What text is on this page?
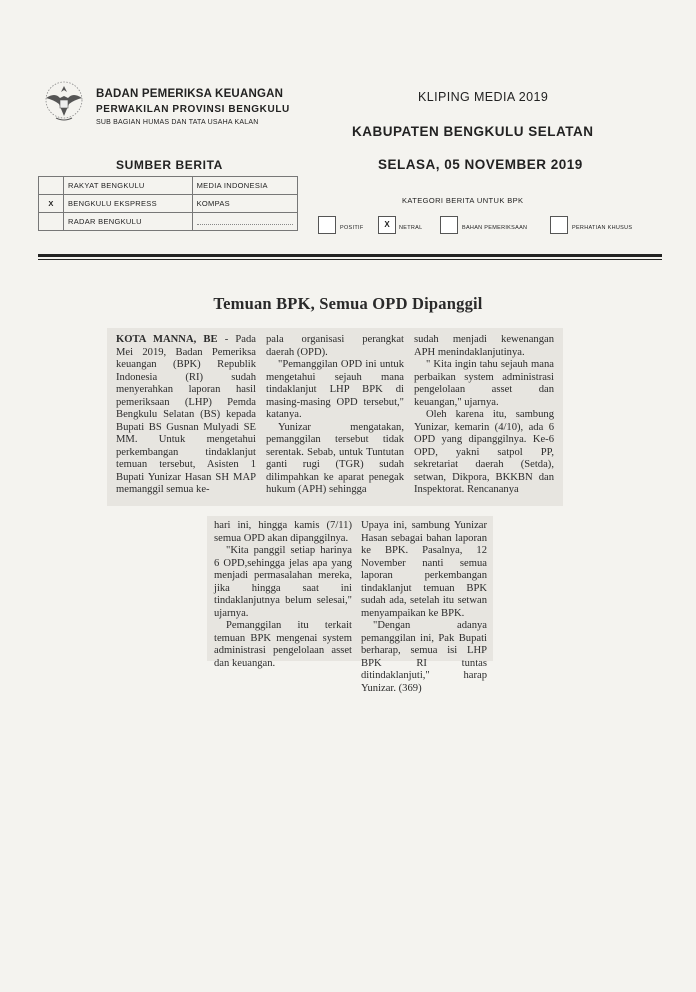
BADAN PEMERIKSA KEUANGAN
PERWAKILAN PROVINSI BENGKULU
SUB BAGIAN HUMAS DAN TATA USAHA KALAN
KLIPING MEDIA 2019
KABUPATEN BENGKULU SELATAN
SELASA, 05 NOVEMBER 2019
SUMBER BERITA
	RAKYAT BENGKULU	MEDIA INDONESIA
X	BENGKULU EKSPRESS	KOMPAS
	RADAR BENGKULU	
KATEGORI BERITA UNTUK BPK
POSITIF	X	NETRAL	BAHAN PEMERIKSAAN	PERHATIAN KHUSUS
Temuan BPK, Semua OPD Dipanggil

KOTA MANNA, BE - Pada Mei 2019, Badan Pemeriksa keuangan (BPK) Republik Indonesia (RI) sudah menyerahkan laporan hasil pemeriksaan (LHP) Pemda Bengkulu Selatan (BS) kepada Bupati BS Gusnan Mulyadi SE MM. Untuk mengetahui perkembangan tindaklanjut temuan tersebut, Asisten 1 Bupati Yunizar Hasan SH MAP memanggil semua ke-

pala organisasi perangkat daerah (OPD).

"Pemanggilan OPD ini untuk mengetahui sejauh mana tindaklanjut LHP BPK di masing-masing OPD tersebut," katanya.

Yunizar mengatakan, pemanggilan tersebut tidak serentak. Sebab, untuk Tuntutan ganti rugi (TGR) sudah dilimpahkan ke aparat penegak hukum (APH) sehingga

sudah menjadi kewenangan APH menindaklanjutinya.

" Kita ingin tahu sejauh mana perbaikan system administrasi pengelolaan asset dan keuangan," ujarnya.

Oleh karena itu, sambung Yunizar, kemarin (4/10), ada 6 OPD yang dipanggilnya. Ke-6 OPD, yakni satpol PP, sekretariat daerah (Setda), setwan, Dikpora, BKKBN dan Inspektorat. Rencananya

hari ini, hingga kamis (7/11) semua OPD akan dipanggilnya.

"Kita panggil setiap harinya 6 OPD,sehingga jelas apa yang menjadi permasalahan mereka, jika hingga saat ini tindaklanjutnya belum selesai," ujarnya.

Pemanggilan itu terkait temuan BPK mengenai system administrasi pengelolaan asset dan keuangan.

Upaya ini, sambung Yunizar Hasan sebagai bahan laporan ke BPK. Pasalnya, 12 November nanti semua laporan perkembangan tindaklanjut temuan BPK sudah ada, setelah itu setwan menyampaikan ke BPK.

"Dengan adanya pemanggilan ini, Pak Bupati berharap, semua isi LHP BPK RI tuntas ditindaklanjuti," harap Yunizar. (369)
